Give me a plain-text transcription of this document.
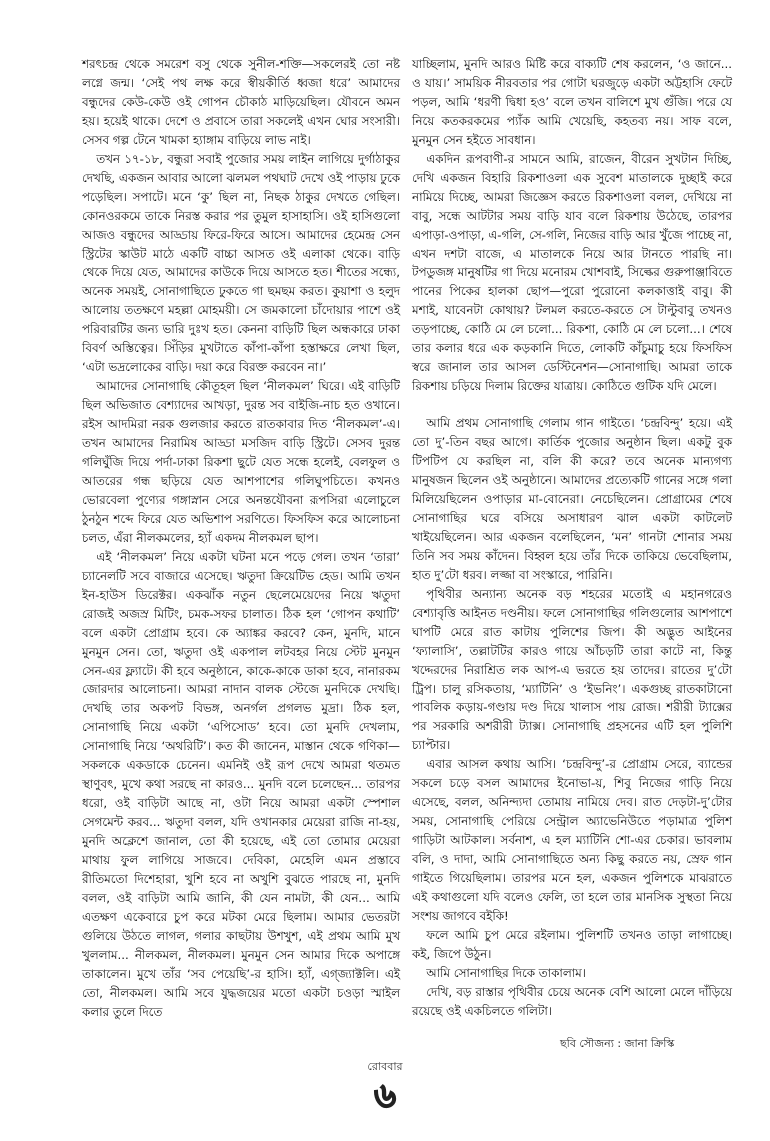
শরৎচন্দ্র থেকে সমরেশ বসু থেকে সুনীল-শক্তি—সকলেরই তো নষ্ট লগ্নে জন্ম। ‘সেই পথ লক্ষ করে স্বীয়কীর্তি ধ্বজা ধরে’ আমাদের বন্ধুদের কেউ-কেউ ওই গোপন চৌকাঠ মাড়িয়েছিল। যৌবনে অমন হয়। হয়েই থাকে। দেশে ও প্রবাসে তারা সকলেই এখন ঘোর সংসারী। সেসব গল্প টেনে খামকা হ্যাঙ্গাম বাড়িয়ে লাভ নাই।

তখন ১৭-১৮, বন্ধুরা সবাই পুজোর সময় লাইন লাগিয়ে দুর্গাঠাকুর দেখছি, একজন আবার আলো ঝলমল পথঘাট দেখে ওই পাড়ায় ঢুকে পড়েছিল। সপাটে। মনে ‘কু’ ছিল না, নিছক ঠাকুর দেখতে গেছিল। কোনওরকমে তাকে নিরস্ত করার পর তুমুল হাসাহাসি। ওই হাসিগুলো আজও বন্ধুদের আড্ডায় ফিরে-ফিরে আসে। আমাদের হেমেন্দ্র সেন স্ট্রিটের স্কাউট মাঠে একটি বাচ্চা আসত ওই এলাকা থেকে। বাড়ি থেকে দিয়ে যেত, আমাদের কাউকে দিয়ে আসতে হত। শীতের সন্ধ্যে, অনেক সময়ই, সোনাগাছিতে ঢুকতে গা ছমছম করত। কুয়াশা ও হলুদ আলোয় ততক্ষণে মহল্লা মোহময়ী। সে জমকালো চাঁদোয়ার পাশে ওই পরিবারটির জন্য ভারি দুঃখ হত। কেননা বাড়িটি ছিল অন্ধকারে ঢাকা বিবর্ণ অস্তিত্বের। সিঁড়ির মুখটাতে কাঁপা-কাঁপা হস্তাক্ষরে লেখা ছিল, ‘এটা ভদ্রলোকের বাড়ি। দয়া করে বিরক্ত করবেন না।’

আমাদের সোনাগাছি কৌতূহল ছিল ‘নীলকমল’ ঘিরে। এই বাড়িটি ছিল অভিজাত বেশ্যাদের আখড়া, দুরন্ত সব বাইজি-নাচ হত ওখানে। রইস আদমিরা নরক গুলজার করতে রাতকাবার দিত ‘নীলকমল’-এ। তখন আমাদের নিরামিষ আড্ডা মসজিদ বাড়ি স্ট্রিটে। সেসব দুরন্ত গলিঘুঁজি দিয়ে পর্দা-ঢাকা রিকশা ছুটে যেত সন্ধে হলেই, বেলফুল ও আতরের গন্ধ ছড়িয়ে যেত আশপাশের গলিঘুপচিতে। কখনও ভোরবেলা পুণ্যের গঙ্গাস্নান সেরে অনন্তযৌবনা রূপসিরা এলোচুলে ঠুনঠুন শব্দে ফিরে যেত অভিশাপ সরণিতে। ফিসফিস করে আলোচনা চলত, এঁরা নীলকমলের, হ্যাঁ একদম নীলকমল ছাপ।

এই ‘নীলকমল’ নিয়ে একটা ঘটনা মনে পড়ে গেল। তখন ‘তারা’ চ্যানেলটি সবে বাজারে এসেছে। ঋতুদা ক্রিয়েটিভ হেড। আমি তখন ইন-হাউস ডিরেক্টর। একঝাঁক নতুন ছেলেমেয়েদের নিয়ে ঋতুদা রোজই অজস্র মিটিং, চমক-সফর চালাত। ঠিক হল ‘গোপন কথাটি’ বলে একটা প্রোগ্রাম হবে। কে অ্যাঙ্কর করবে? কেন, মুনদি, মানে মুনমুন সেন। তো, ঋতুদা ওই একপাল লটবহর নিয়ে স্টেট মুনমুন সেন-এর ফ্ল্যাটে। কী হবে অনুষ্ঠানে, কাকে-কাকে ডাকা হবে, নানারকম জোরদার আলোচনা। আমরা নাদান বালক স্টেজে মুনদিকে দেখছি। দেখছি তার অকপট বিভঙ্গ, অনর্গল প্রগলভ মুদ্রা। ঠিক হল, সোনাগাছি নিয়ে একটা ‘এপিসোড’ হবে। তো মুনদি দেখলাম, সোনাগাছি নিয়ে ‘অথরিটি’। কত কী জানেন, মাস্তান থেকে গণিকা—সকলকে একডাকে চেনেন। এমনিই ওই রূপ দেখে আমরা থতমত স্থাণুবৎ, মুখে কথা সরছে না কারও... মুনদি বলে চলেছেন... তারপর ধরো, ওই বাড়িটা আছে না, ওটা নিয়ে আমরা একটা স্পেশাল সেগমেন্ট করব... ঋতুদা বলল, যদি ওখানকার মেয়েরা রাজি না-হয়, মুনদি অক্লেশে জানাল, তো কী হয়েছে, এই তো তোমার মেয়েরা মাথায় ফুল লাগিয়ে সাজবে। দেবিকা, মেহেলি এমন প্রস্তাবে রীতিমতো দিশেহারা, খুশি হবে না অখুশি বুঝতে পারছে না, মুনদি বলল, ওই বাড়িটা আমি জানি, কী যেন নামটা, কী যেন... আমি এতক্ষণ একেবারে চুপ করে মটকা মেরে ছিলাম। আমার ভেতরটা গুলিয়ে উঠতে লাগল, গলার কাছটায় উশখুশ, এই প্রথম আমি মুখ খুললাম... নীলকমল, নীলকমল। মুনমুন সেন আমার দিকে অপাঙ্গে তাকালেন। মুখে তাঁর ‘সব পেয়েছি’-র হাসি। হ্যাঁ, এগ্‌জ্যাক্টলি। এই তো, নীলকমল। আমি সবে যুদ্ধজয়ের মতো একটা চওড়া স্মাইল কলার তুলে দিতে

যাচ্ছিলাম, মুনদি আরও মিষ্টি করে বাক্যটি শেষ করলেন, ‘ও জানে... ও যায়।’ সাময়িক নীরবতার পর গোটা ঘরজুড়ে একটা অট্টহাসি ফেটে পড়ল, আমি ‘ধরণী দ্বিধা হও’ বলে তখন বালিশে মুখ গুঁজি। পরে যে নিয়ে কতকরকমের প্যাঁক আমি খেয়েছি, কহতব্য নয়। সাফ বলে, মুনমুন সেন হইতে সাবধান।

একদিন রূপবাণী-র সামনে আমি, রাজেন, বীরেন সুখটান দিচ্ছি, দেখি একজন বিহারি রিকশাওলা এক সুবেশ মাতালকে দুচ্ছাই করে নামিয়ে দিচ্ছে, আমরা জিজ্ঞেস করতে রিকশাওলা বলল, দেখিয়ে না বাবু, সন্ধে আটটার সময় বাড়ি যাব বলে রিকশায় উঠেছে, তারপর এপাড়া-ওপাড়া, এ-গলি, সে-গলি, নিজের বাড়ি আর খুঁজে পাচ্ছে না, এখন দশটা বাজে, এ মাতালকে নিয়ে আর টানতে পারছি না। টপডুজঙ্গ মানুষটির গা দিয়ে মনোরম খোশবাই, সিল্কের গুরুপাঞ্জাবিতে পানের পিকের হালকা ছোপ—পুরো পুরোনো কলকাত্তাই বাবু। কী মশাই, যাবেনটা কোথায়? টলমল করতে-করতে সে টাল্টুবাবু তখনও তড়পাচ্ছে, কোঠি মে লে চলো... রিকশা, কোঠি মে লে চলো...। শেষে তার কলার ধরে এক কড়কানি দিতে, লোকটি কাঁচুমাচু হয়ে ফিসফিস স্বরে জানাল তার আসল ডেস্টিনেশন—সোনাগাছি। আমরা তাকে রিকশায় চড়িয়ে দিলাম রিক্তের যাত্রায়। কোঠিতে গুটিক যদি মেলে।

আমি প্রথম সোনাগাছি গেলাম গান গাইতে। ‘চন্দ্রবিন্দু’ হয়ে। এই তো দু’-তিন বছর আগে। কার্তিক পুজোর অনুষ্ঠান ছিল। একটু বুক টিপটিপ যে করছিল না, বলি কী করে? তবে অনেক মান্যগণ্য মানুষজন ছিলেন ওই অনুষ্ঠানে। আমাদের প্রত্যেকটি গানের সঙ্গে গলা মিলিয়েছিলেন ওপাড়ার মা-বোনেরা। নেচেছিলেন। প্রোগ্রামের শেষে সোনাগাছির ঘরে বসিয়ে অসাধারণ ঝাল একটা কাটলেট খাইয়েছিলেন। আর একজন বলেছিলেন, ‘মন’ গানটা শোনার সময় তিনি সব সময় কাঁদেন। বিহ্বল হয়ে তাঁর দিকে তাকিয়ে ভেবেছিলাম, হাত দু’টো ধরব। লজ্জা বা সংস্কারে, পারিনি।

পৃথিবীর অন্যান্য অনেক বড় শহরের মতোই এ মহানগরেও বেশ্যাবৃত্তি আইনত দণ্ডনীয়। ফলে সোনাগাছির গলিগুলোর আশপাশে ঘাপটি মেরে রাত কাটায় পুলিশের জিপ। কী অদ্ভুত আইনের ‘ফ্যালাসি’, তল্লাটটির কারও গায়ে আঁচড়টি তারা কাটে না, কিন্তু খদ্দেরদের নিরাশ্রিত লক আপ-এ ভরতে হয় তাদের। রাতের দু’টো ট্রিপ। চালু রসিকতায়, ‘ম্যাটিনি’ ও ‘ইভনিং’। একগুচ্ছ রাতকাটানো পাবলিক কড়ায়-গণ্ডায় দণ্ড দিয়ে খালাস পায় রোজ। শরীরী ট্যাক্সের পর সরকারি অশরীরী ট্যাক্স। সোনাগাছি প্রহসনের এটি হল পুলিশি চ্যাপ্টার।

এবার আসল কথায় আসি। ‘চন্দ্রবিন্দু’-র প্রোগ্রাম সেরে, ব্যান্ডের সকলে চড়ে বসল আমাদের ইনোভা-য়, শিবু নিজের গাড়ি নিয়ে এসেছে, বলল, অনিন্দ্যদা তোমায় নামিয়ে দেব। রাত দেড়টা-দু’টোর সময়, সোনাগাছি পেরিয়ে সেন্ট্রাল অ্যাভেনিউতে পড়ামাত্র পুলিশ গাড়িটা আটকাল। সর্বনাশ, এ হল ম্যাটিনি শো-এর চেকার। ভাবলাম বলি, ও দাদা, আমি সোনাগাছিতে অন্য কিছু করতে নয়, স্রেফ গান গাইতে গিয়েছিলাম। তারপর মনে হল, একজন পুলিশকে মাঝরাতে এই কথাগুলো যদি বলেও ফেলি, তা হলে তার মানসিক সুস্থতা নিয়ে সংশয় জাগবে বইকি!

ফলে আমি চুপ মেরে রইলাম। পুলিশটি তখনও তাড়া লাগাচ্ছে। কই, জিপে উঠুন।

আমি সোনাগাছির দিকে তাকালাম।

দেখি, বড় রাস্তার পৃথিবীর চেয়ে অনেক বেশি আলো মেলে দাঁড়িয়ে রয়েছে ওই একচিলতে গলিটা।

ছবি সৌজন্য : জানা ক্রিস্কি
রোববার
৬
